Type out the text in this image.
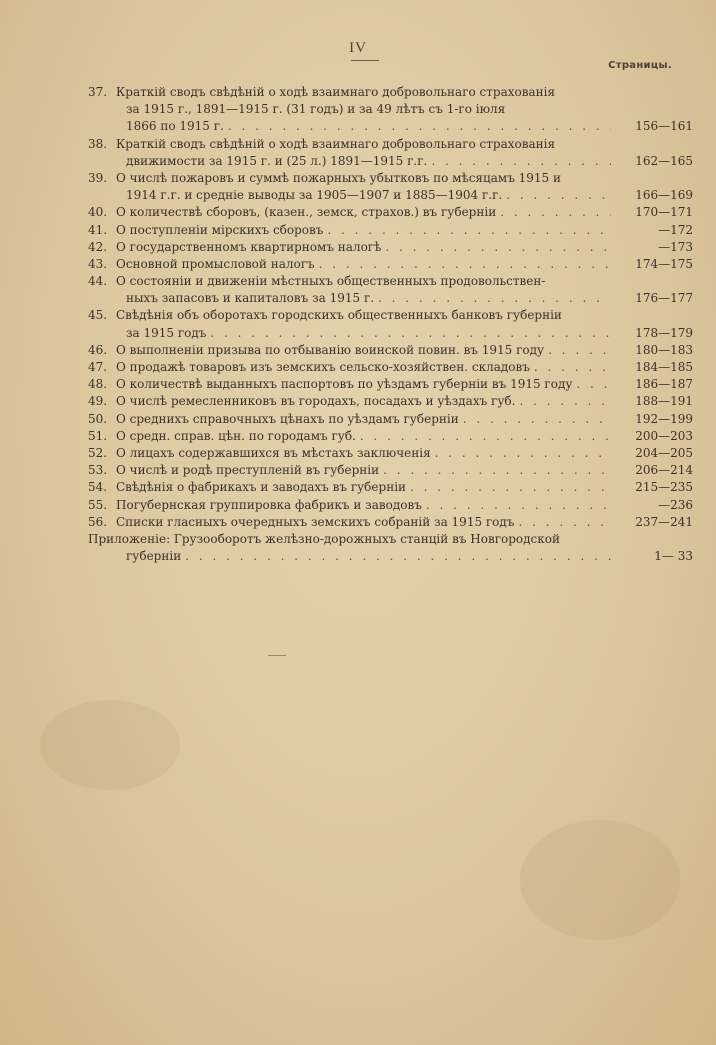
IV
Страницы.
37. Краткій сводъ свѣдѣній о ходѣ взаимнаго добровольнаго страхованія
за 1915 г., 1891—1915 г. (31 годъ) и за 49 лѣтъ съ 1-го іюля
1866 по 1915 г. . . .	156—161
38. Краткій сводъ свѣдѣній о ходѣ взаимнаго добровольнаго страхованія
движимости за 1915 г. и (25 л.) 1891—1915 г.г. . . .	162—165
39. О числѣ пожаровъ и суммѣ пожарныхъ убытковъ по мѣсяцамъ 1915 и
1914 г.г. и средніе выводы за 1905—1907 и 1885—1904 г.г. . . .	166—169
40. О количествѣ сборовъ, (казен., земск, страхов.) въ губерніи . . .	170—171
41. О поступленіи мірскихъ сборовъ . . .	—172
42. О государственномъ квартирномъ налогѣ . . .	—173
43. Основной промысловой налогъ . . .	174—175
44. О состояніи и движеніи мѣстныхъ общественныхъ продовольствен-
ныхъ запасовъ и капиталовъ за 1915 г. . . .	176—177
45. Свѣдѣнія объ оборотахъ городскихъ общественныхъ банковъ губерніи
за 1915 годъ . . .	178—179
46. О выполненіи призыва по отбыванію воинской повин. въ 1915 году . . .	180—183
47. О продажѣ товаровъ изъ земскихъ сельско-хозяйствен. складовъ . . .	184—185
48. О количествѣ выданныхъ паспортовъ по уѣздамъ губерніи въ 1915 году . . .	186—187
49. О числѣ ремесленниковъ въ городахъ, посадахъ и уѣздахъ губ. . . .	188—191
50. О среднихъ справочныхъ цѣнахъ по уѣздамъ губерніи . . .	192—199
51. О средн. справ. цѣн. по городамъ губ. . . .	200—203
52. О лицахъ содержавшихся въ мѣстахъ заключенія . . .	204—205
53. О числѣ и родѣ преступленій въ губерніи . . .	206—214
54. Свѣдѣнія о фабрикахъ и заводахъ въ губерніи . . .	215—235
55. Погубернская группировка фабрикъ и заводовъ . . .	—236
56. Списки гласныхъ очередныхъ земскихъ собраній за 1915 годъ . . .	237—241
Приложеніе: Грузооборотъ желѣзно-дорожныхъ станцій въ Новгородской
губерніи . . .	1— 33
